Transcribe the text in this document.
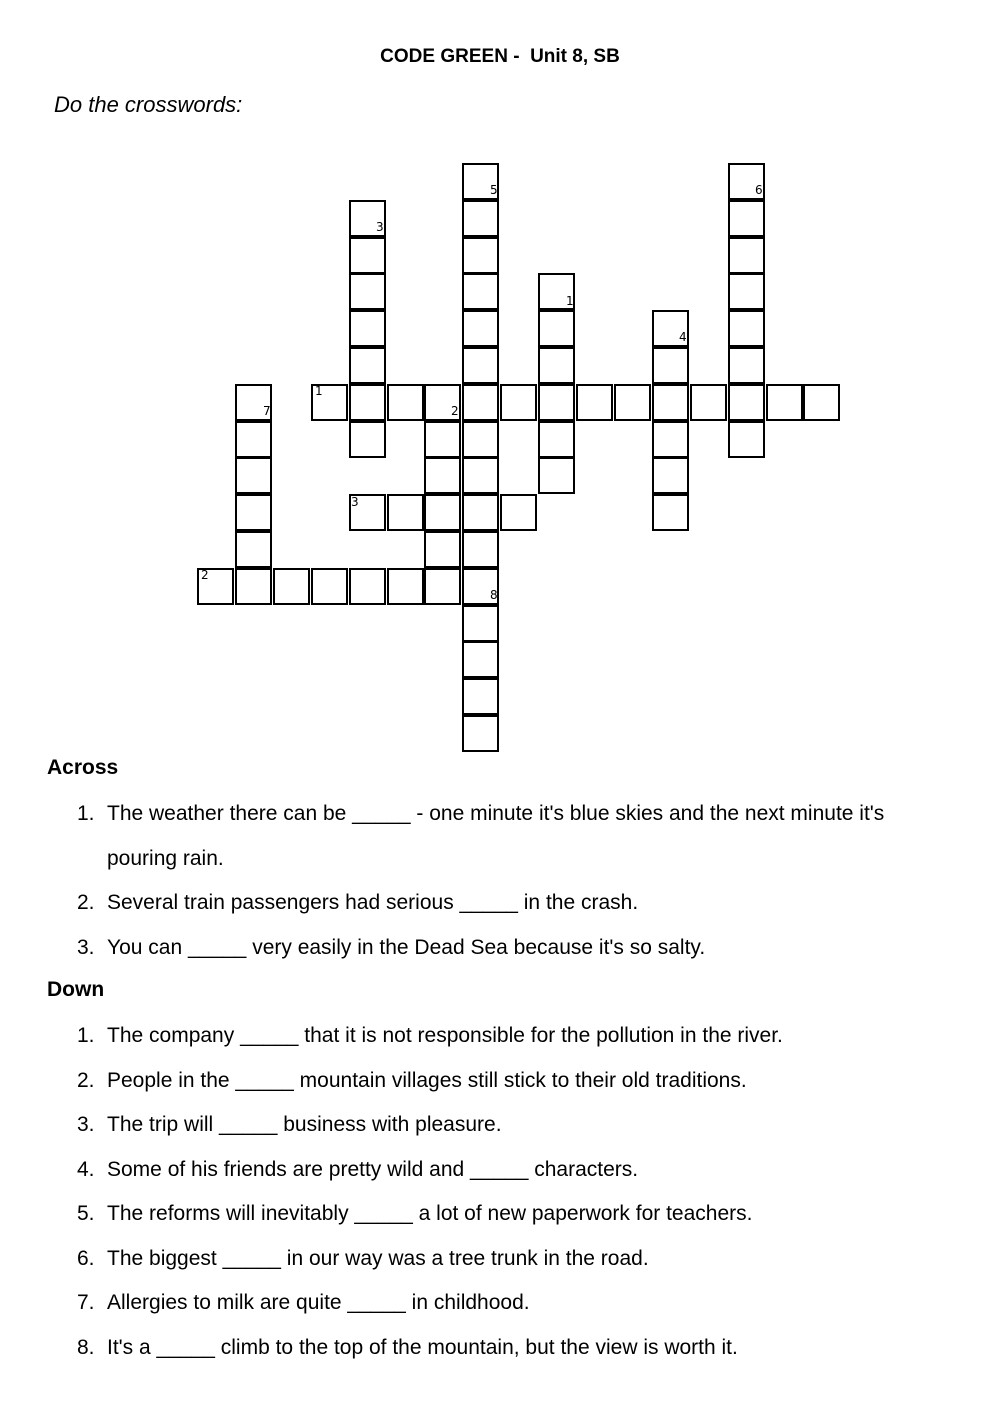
CODE GREEN -  Unit 8, SB
Do the crosswords:
1
2
3
1
2
3
4
5	6
7
8
Across
1. The weather there can be _____ - one minute it's blue skies and the next minute it's pouring rain.
2. Several train passengers had serious _____ in the crash.
3. You can _____ very easily in the Dead Sea because it's so salty.
Down
1. The company _____ that it is not responsible for the pollution in the river.
2. People in the _____ mountain villages still stick to their old traditions.
3. The trip will _____ business with pleasure.
4. Some of his friends are pretty wild and _____ characters.
5. The reforms will inevitably _____ a lot of new paperwork for teachers.
6. The biggest _____ in our way was a tree trunk in the road.
7. Allergies to milk are quite _____ in childhood.
8. It's a _____ climb to the top of the mountain, but the view is worth it.
